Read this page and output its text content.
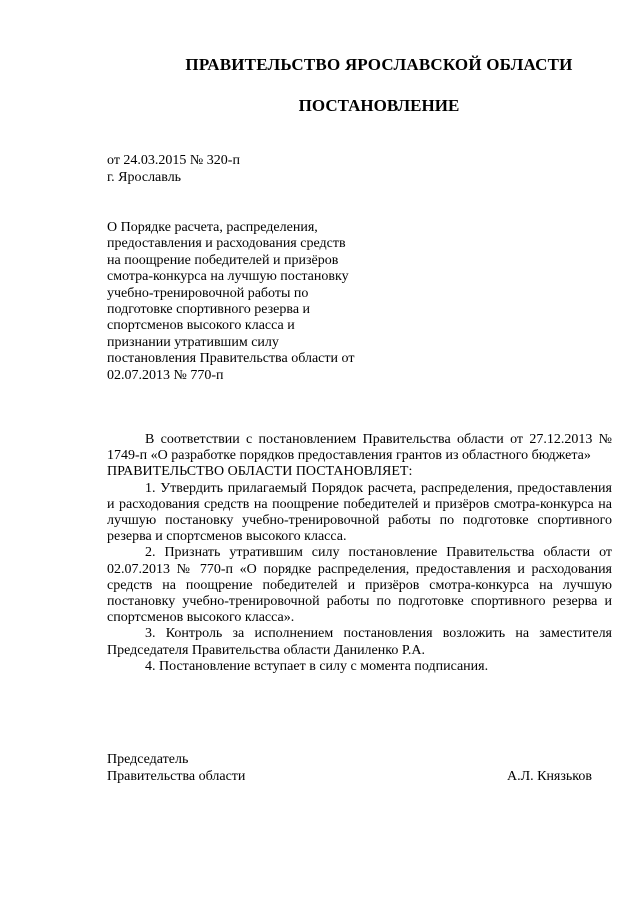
ПРАВИТЕЛЬСТВО ЯРОСЛАВСКОЙ ОБЛАСТИ
ПОСТАНОВЛЕНИЕ
от 24.03.2015 № 320-п
г. Ярославль
О Порядке расчета, распределения, предоставления и расходования средств на поощрение победителей и призёров смотра-конкурса на лучшую постановку учебно-тренировочной работы по подготовке спортивного резерва и спортсменов высокого класса и признании утратившим силу постановления Правительства области от 02.07.2013 № 770-п

В соответствии с постановлением Правительства области от 27.12.2013 № 1749-п «О разработке порядков предоставления грантов из областного бюджета»

ПРАВИТЕЛЬСТВО ОБЛАСТИ ПОСТАНОВЛЯЕТ:

1. Утвердить прилагаемый Порядок расчета, распределения, предоставления и расходования средств на поощрение победителей и призёров смотра-конкурса на лучшую постановку учебно-тренировочной работы по подготовке спортивного резерва и спортсменов высокого класса.

2. Признать утратившим силу постановление Правительства области от 02.07.2013 № 770-п «О порядке распределения, предоставления и расходования средств на поощрение победителей и призёров смотра-конкурса на лучшую постановку учебно-тренировочной работы по подготовке спортивного резерва и спортсменов высокого класса».

3. Контроль за исполнением постановления возложить на заместителя Председателя Правительства области Даниленко Р.А.

4. Постановление вступает в силу с момента подписания.

Председатель
Правительства области	А.Л. Князьков
